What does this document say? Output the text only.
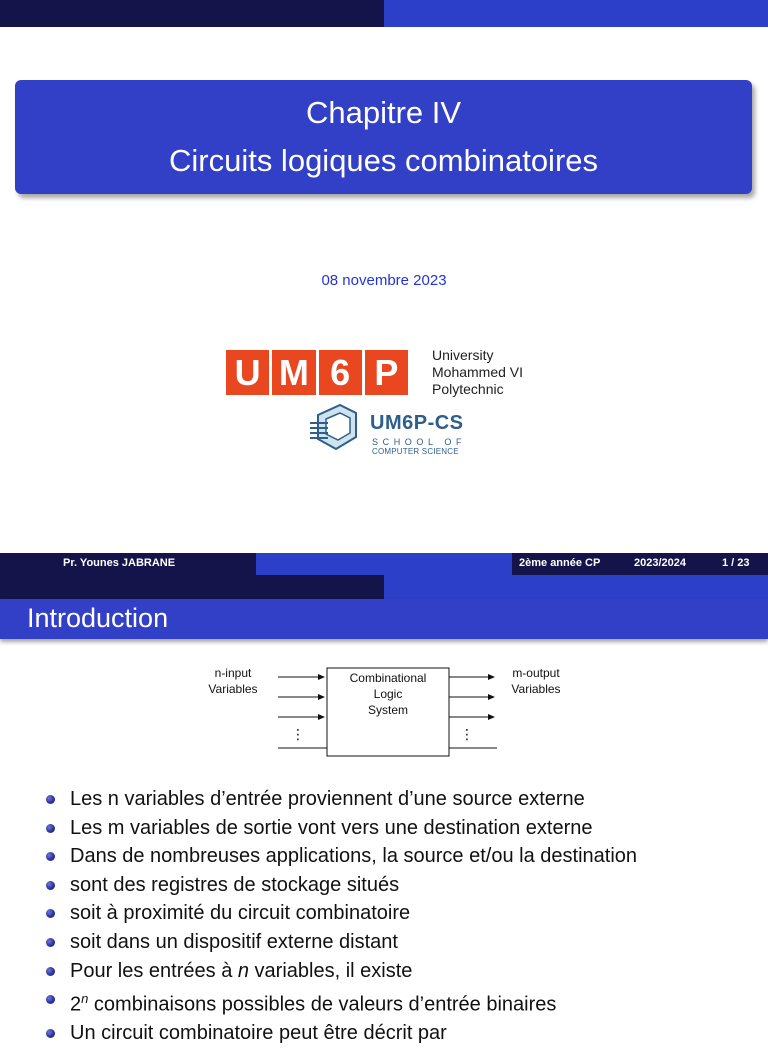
Chapitre IV
Circuits logiques combinatoires
08 novembre 2023
U M 6 P	University
Mohammed VI
Polytechnic
UM6P-CS
SCHOOL OF
COMPUTER SCIENCE
Pr. Younes JABRANE	2ème année CP	2023/2024	1 / 23
Introduction
n-input
Variables
⋮
Combinational
Logic
System
⋮
m-output
Variables
Les n variables d’entrée proviennent d’une source externe
Les m variables de sortie vont vers une destination externe
Dans de nombreuses applications, la source et/ou la destination
sont des registres de stockage situés
soit à proximité du circuit combinatoire
soit dans un dispositif externe distant
Pour les entrées à n variables, il existe
2$^n$ combinaisons possibles de valeurs d’entrée binaires
Un circuit combinatoire peut être décrit par
